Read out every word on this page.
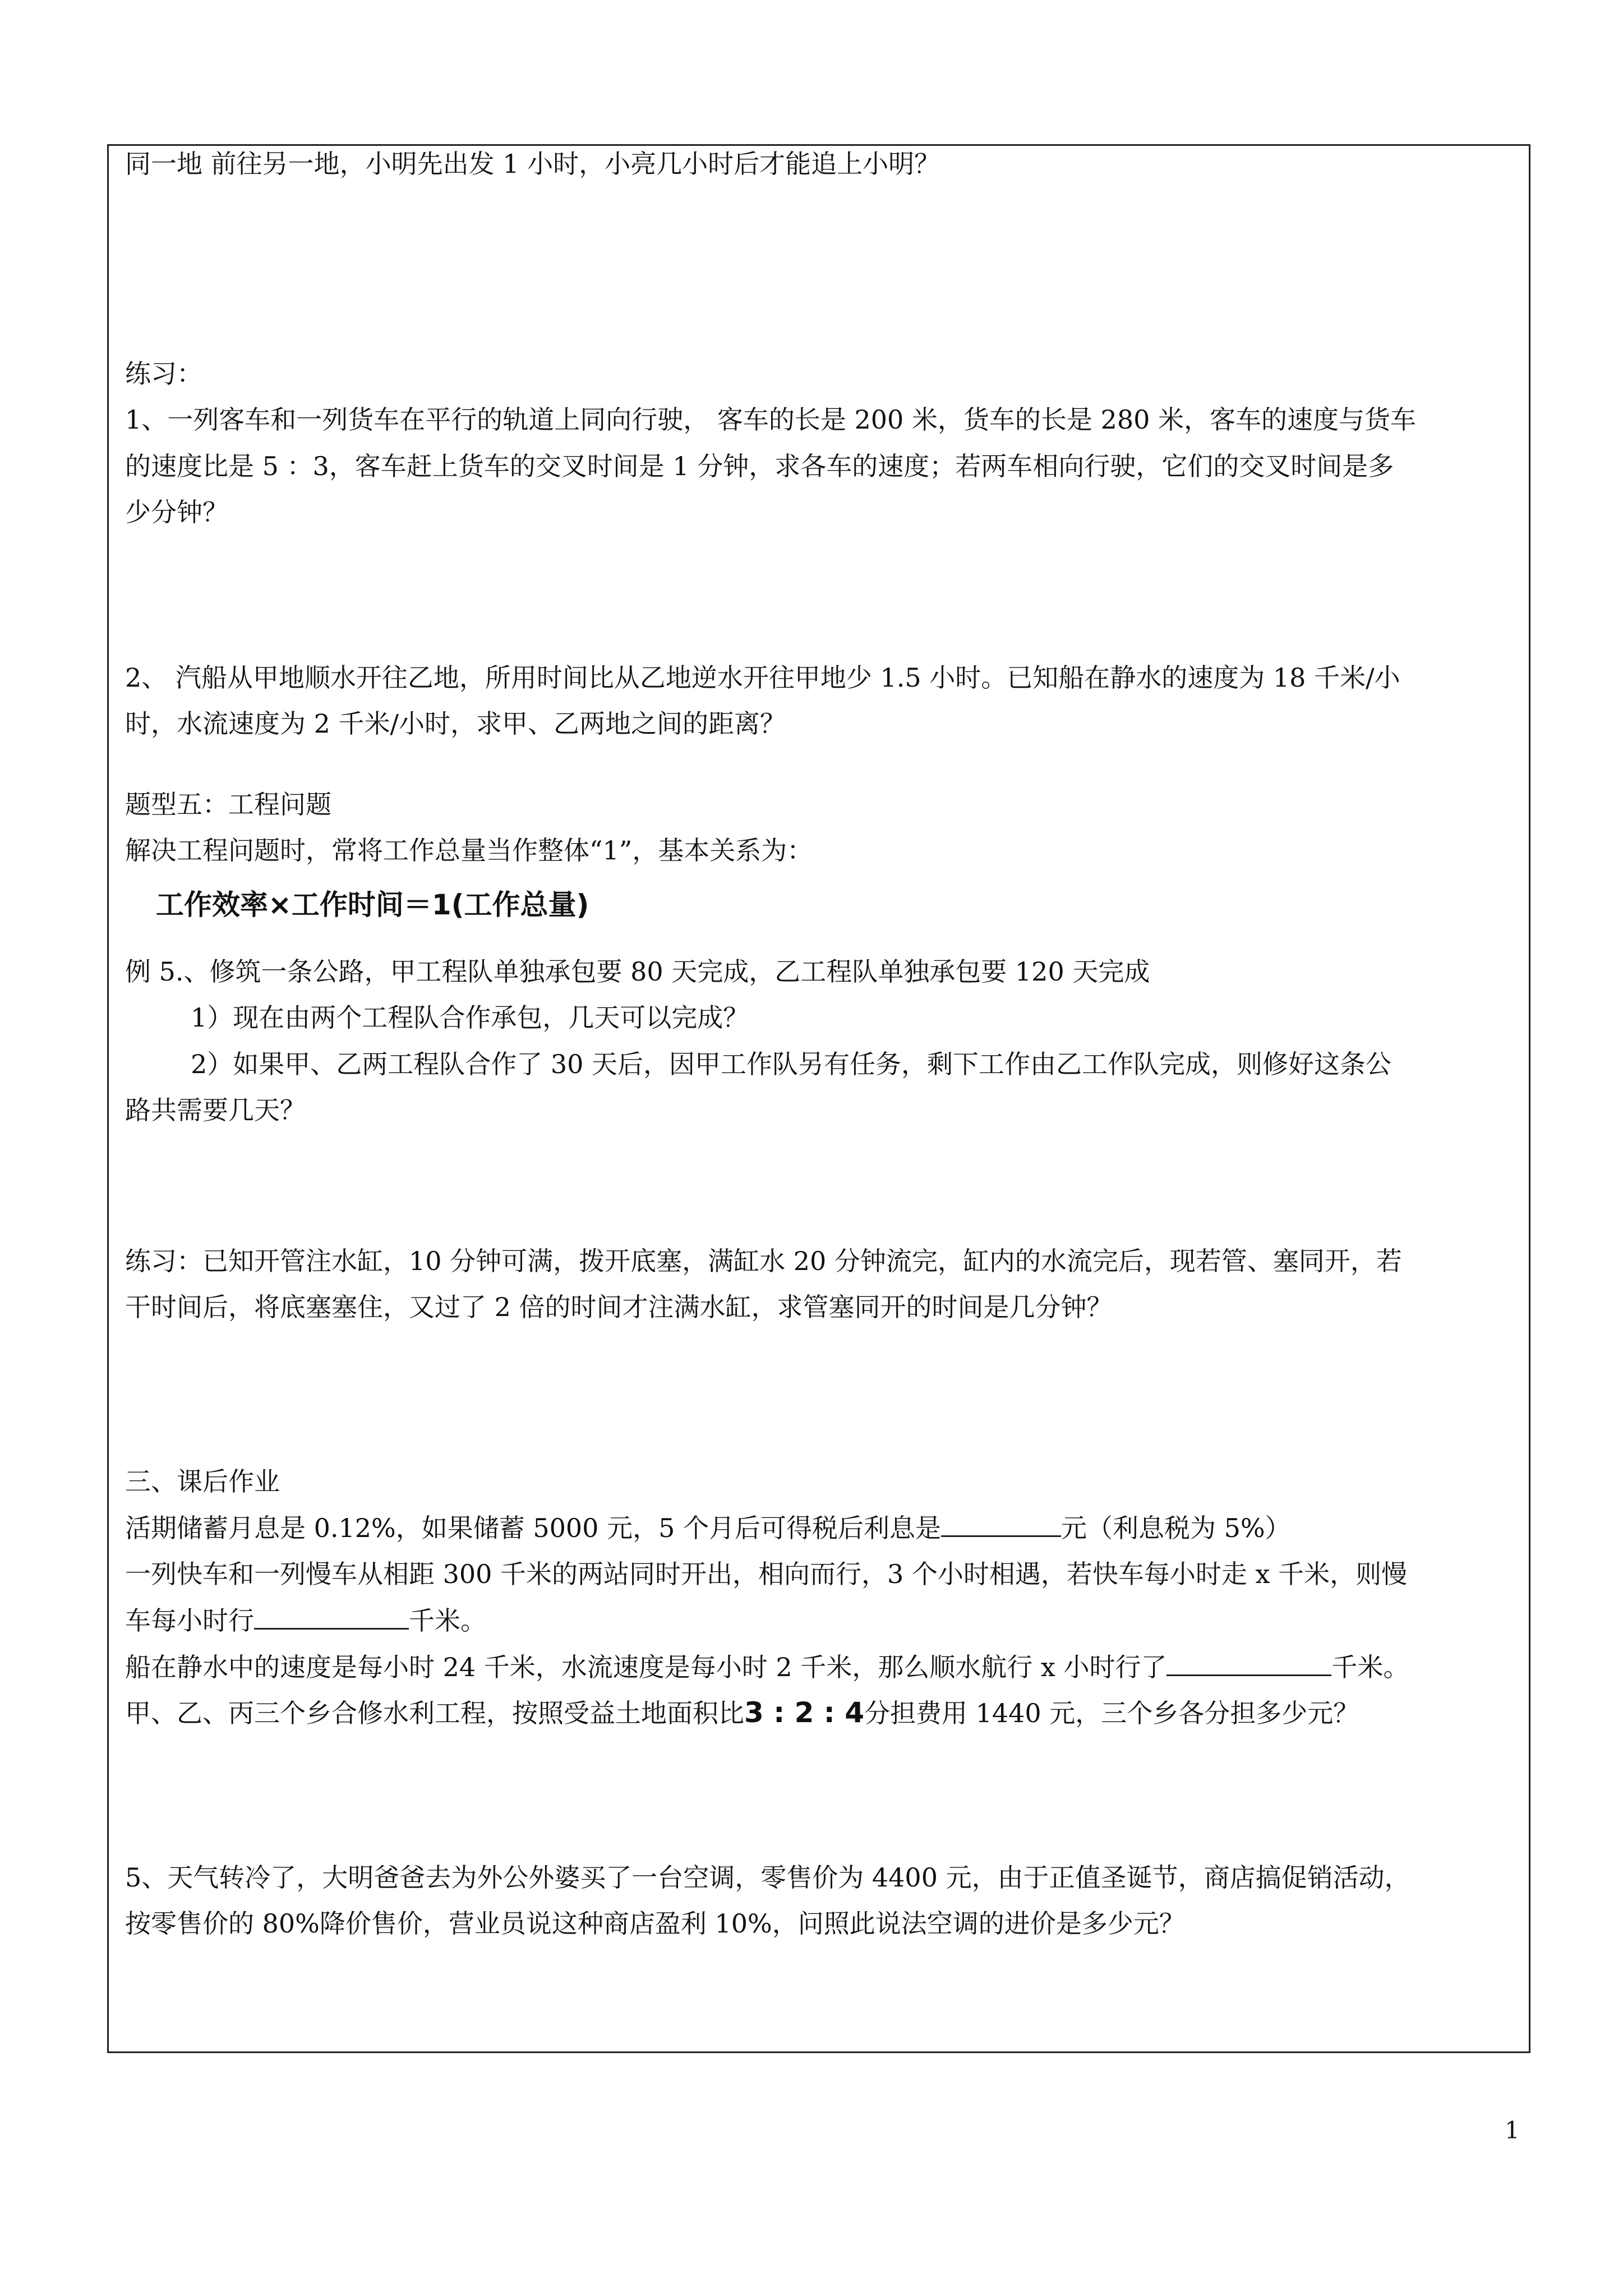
同一地 前往另一地，小明先出发 1 小时，小亮几小时后才能追上小明？
练习：
1、一列客车和一列货车在平行的轨道上同向行驶， 客车的长是 200 米，货车的长是 280 米，客车的速度与货车
的速度比是 5 ：3，客车赶上货车的交叉时间是 1 分钟，求各车的速度；若两车相向行驶，它们的交叉时间是多
少分钟？
2、 汽船从甲地顺水开往乙地，所用时间比从乙地逆水开往甲地少 1.5 小时。已知船在静水的速度为 18 千米/小
时，水流速度为 2 千米/小时，求甲、乙两地之间的距离？
题型五：工程问题
解决工程问题时，常将工作总量当作整体“1”，基本关系为：
工作效率×工作时间＝1(工作总量)
例 5.、修筑一条公路，甲工程队单独承包要 80 天完成，乙工程队单独承包要 120 天完成
1）现在由两个工程队合作承包，几天可以完成？
2）如果甲、乙两工程队合作了 30 天后，因甲工作队另有任务，剩下工作由乙工作队完成，则修好这条公
路共需要几天？
练习：已知开管注水缸，10 分钟可满，拨开底塞，满缸水 20 分钟流完，缸内的水流完后，现若管、塞同开，若
干时间后，将底塞塞住，又过了 2 倍的时间才注满水缸，求管塞同开的时间是几分钟？
三、课后作业
活期储蓄月息是 0.12%，如果储蓄 5000 元，5 个月后可得税后利息是	元（利息税为 5%）
一列快车和一列慢车从相距 300 千米的两站同时开出，相向而行，3 个小时相遇，若快车每小时走 x 千米，则慢
车每小时行	千米。
船在静水中的速度是每小时 24 千米，水流速度是每小时 2 千米，那么顺水航行 x 小时行了	千米。
甲、乙、丙三个乡合修水利工程，按照受益土地面积比3 : 2 : 4分担费用 1440 元，三个乡各分担多少元？
5、天气转冷了，大明爸爸去为外公外婆买了一台空调，零售价为 4400 元，由于正值圣诞节，商店搞促销活动，
按零售价的 80%降价售价，营业员说这种商店盈利 10%，问照此说法空调的进价是多少元？
1
